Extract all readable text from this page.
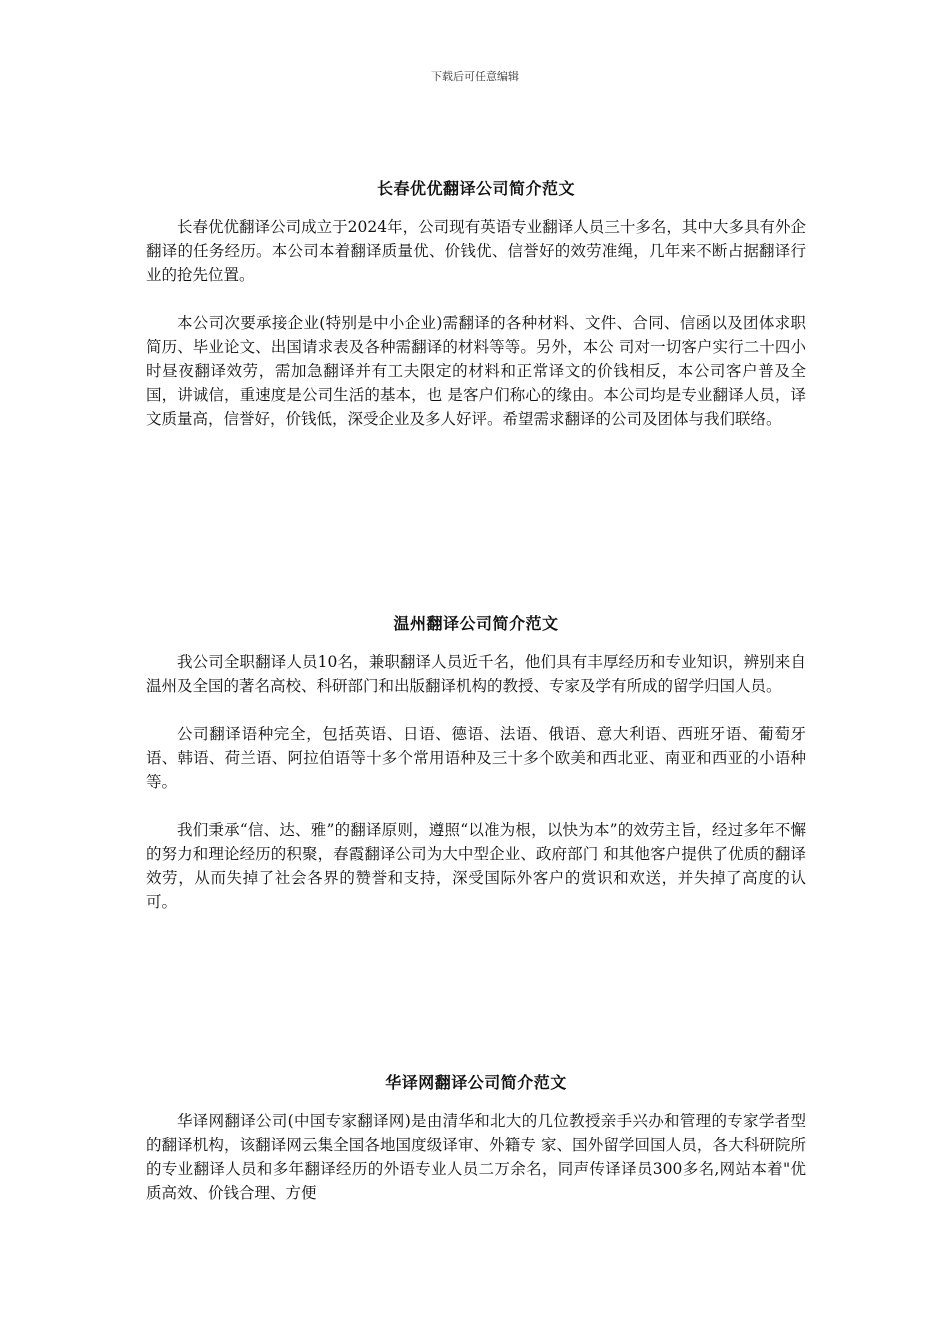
下载后可任意编辑
长春优优翻译公司简介范文

长春优优翻译公司成立于2024年，公司现有英语专业翻译人员三十多名，其中大多具有外企翻译的任务经历。本公司本着翻译质量优、价钱优、信誉好的效劳准绳，几年来不断占据翻译行业的抢先位置。

本公司次要承接企业(特别是中小企业)需翻译的各种材料、文件、合同、信函以及团体求职简历、毕业论文、出国请求表及各种需翻译的材料等等。另外，本公 司对一切客户实行二十四小时昼夜翻译效劳，需加急翻译并有工夫限定的材料和正常译文的价钱相反，本公司客户普及全国，讲诚信，重速度是公司生活的基本，也 是客户们称心的缘由。本公司均是专业翻译人员，译文质量高，信誉好，价钱低，深受企业及多人好评。希望需求翻译的公司及团体与我们联络。

温州翻译公司简介范文

我公司全职翻译人员10名，兼职翻译人员近千名，他们具有丰厚经历和专业知识，辨别来自温州及全国的著名高校、科研部门和出版翻译机构的教授、专家及学有所成的留学归国人员。

公司翻译语种完全，包括英语、日语、德语、法语、俄语、意大利语、西班牙语、葡萄牙语、韩语、荷兰语、阿拉伯语等十多个常用语种及三十多个欧美和西北亚、南亚和西亚的小语种等。

我们秉承“信、达、雅”的翻译原则，遵照“以准为根，以快为本”的效劳主旨，经过多年不懈的努力和理论经历的积聚，春霞翻译公司为大中型企业、政府部门 和其他客户提供了优质的翻译效劳，从而失掉了社会各界的赞誉和支持，深受国际外客户的赏识和欢送，并失掉了高度的认可。

华译网翻译公司简介范文

华译网翻译公司(中国专家翻译网)是由清华和北大的几位教授亲手兴办和管理的专家学者型的翻译机构，该翻译网云集全国各地国度级译审、外籍专 家、国外留学回国人员，各大科研院所的专业翻译人员和多年翻译经历的外语专业人员二万余名，同声传译译员300多名,网站本着"优质高效、价钱合理、方便
